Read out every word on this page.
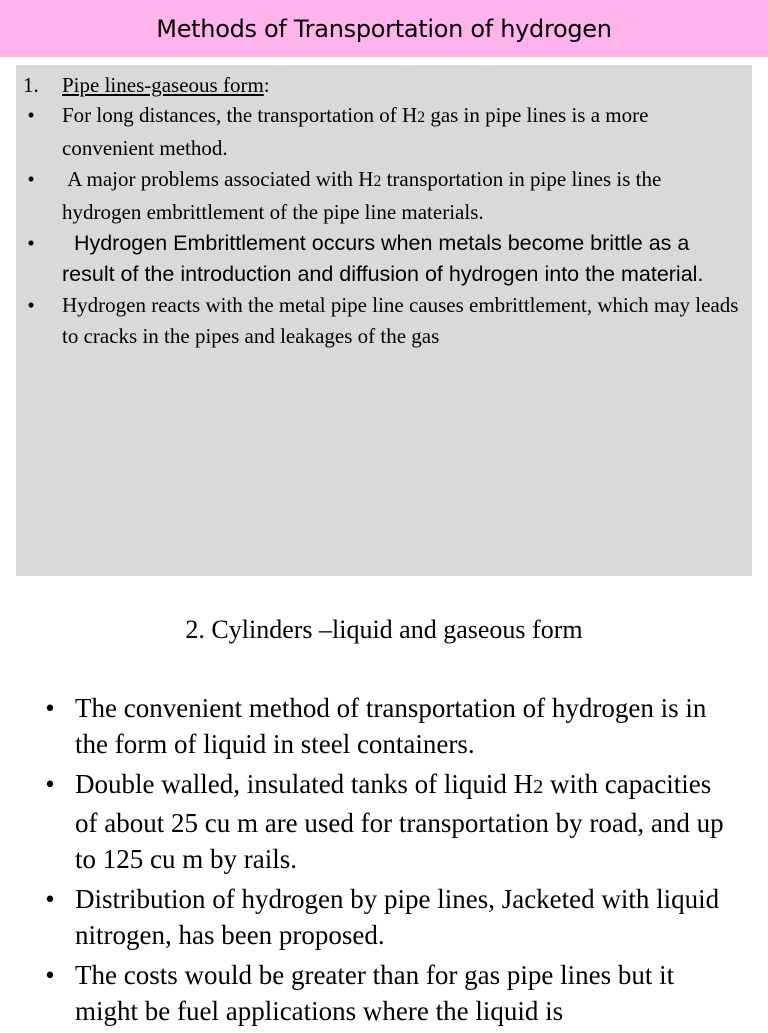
Methods of Transportation of hydrogen
1.	Pipe lines-gaseous form:
• For long distances, the transportation of H2 gas in pipe lines is a more convenient method.
• A major problems associated with H2 transportation in pipe lines is the hydrogen embrittlement of the pipe line materials.
• Hydrogen Embrittlement occurs when metals become brittle as a result of the introduction and diffusion of hydrogen into the material.
• Hydrogen reacts with the metal pipe line causes embrittlement, which may leads to cracks in the pipes and leakages of the gas
2. Cylinders –liquid and gaseous form
• The convenient method of transportation of hydrogen is in the form of liquid in steel containers.
• Double walled, insulated tanks of liquid H2 with capacities of about 25 cu m are used for transportation by road, and up to 125 cu m by rails.
• Distribution of hydrogen by pipe lines, Jacketed with liquid nitrogen, has been proposed.
• The costs would be greater than for gas pipe lines but it might be fuel applications where the liquid is
